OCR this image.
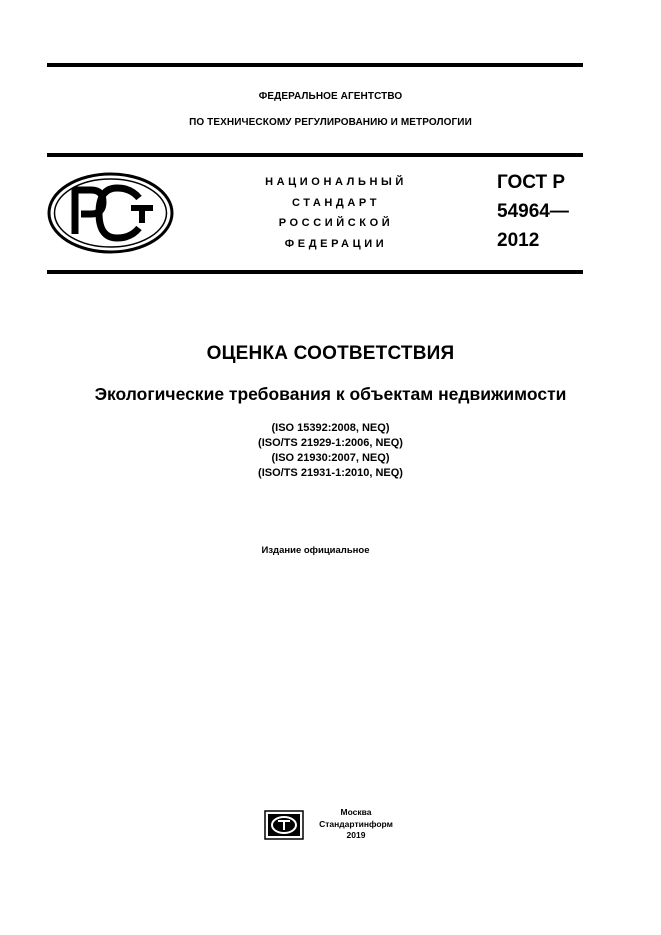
ФЕДЕРАЛЬНОЕ АГЕНТСТВО
ПО ТЕХНИЧЕСКОМУ РЕГУЛИРОВАНИЮ И МЕТРОЛОГИИ
НАЦИОНАЛЬНЫЙ
СТАНДАРТ
РОССИЙСКОЙ
ФЕДЕРАЦИИ
ГОСТ Р
54964—
2012
ОЦЕНКА СООТВЕТСТВИЯ
Экологические требования к объектам недвижимости
(ISO 15392:2008, NEQ)
(ISO/TS 21929-1:2006, NEQ)
(ISO 21930:2007, NEQ)
(ISO/TS 21931-1:2010, NEQ)
Издание официальное
Москва
Стандартинформ
2019
